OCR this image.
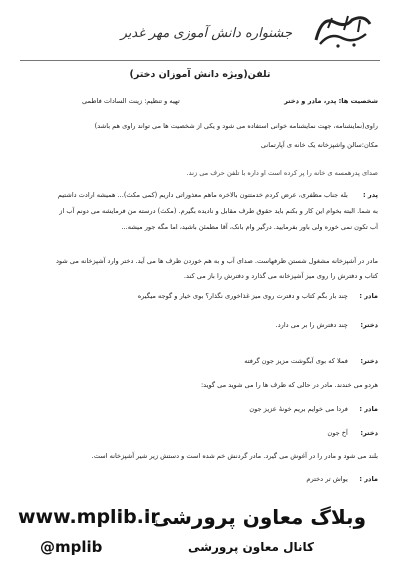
جشنواره دانش آموزی مهر غدیر
تلفن(ویژه دانش آموزان دختر)
شخصیت ها: پدر، مادر و دختر
تهیه و تنظیم: زینت السادات فاطمی
راوی(نمایشنامه، جهت نمایشنامه خوانی استفاده می شود و یکی از شخصیت ها می تواند راوی هم باشد)
مکان:سالن واشپزخانه یک خانه ی آپارتمانی
صدای پدرهمسه ی خانه را پر کرده است او داره با تلفن حرف می زند.
پدر : بله جناب مظفری، عرض کردم خدمتتون بالاخره ماهم معذوراتی داریم (کمی مکث)... همیشه ارادت داشتیم
به شما. البته بخوام این کار و بکنم باید حقوق طرف مقابل و نادیده بگیرم. (مکث) درسته من فرمایشه می دونم آب از
آب تکون نمی خوره ولی باور بفرمایید. درگیر وام بانک، آقا مطمئن باشید، اما مگه جور میشه...
مادر در آشپزخانه مشغول شستن ظرفهاست. صدای آب و به هم خوردن ظرف ها می آید. دختر وارد آشپزخانه می شود
کتاب و دفترش را روی میز آشپزخانه می گذارد و دفترش را باز می کند.
مادر : چند بار بگم کتاب و دفترت روی میز غذاخوری نگذار؟ بوی خیار و گوجه میگیره
دختر: چند دفترش را بر می دارد.
دختر: فملا که بوی آبگوشت مزیز جون گرفته
هردو می خندند. مادر در حالی که ظرف ها را می شوید می گوید:
مادر : فردا می خوایم بریم خونهٔ عزیز جون
دختر: آخ جون
بلند می شود و مادر را در آغوش می گیرد. مادر گردنش خم شده است و دستش زیر شیر آشپزخانه است.
مادر : یواش تر دخترم
وبلاگ معاون پرورشی
www.mplib.ir
کانال معاون پرورشی
@mplib
